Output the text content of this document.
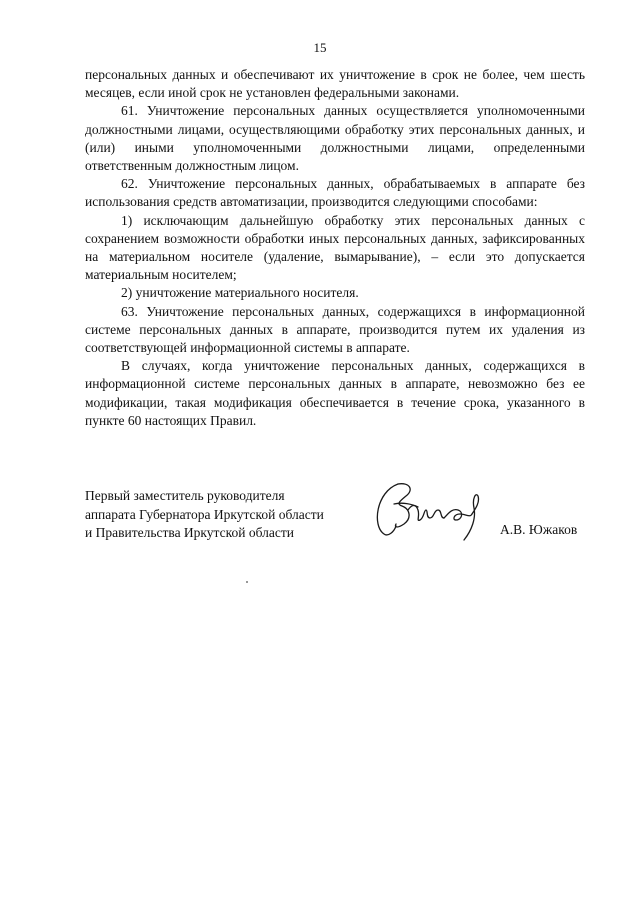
15

персональных данных и обеспечивают их уничтожение в срок не более, чем шесть месяцев, если иной срок не установлен федеральными законами.

61. Уничтожение персональных данных осуществляется уполномоченными должностными лицами, осуществляющими обработку этих персональных данных, и (или) иными уполномоченными должностными лицами, определенными ответственным должностным лицом.

62. Уничтожение персональных данных, обрабатываемых в аппарате без использования средств автоматизации, производится следующими способами:

1) исключающим дальнейшую обработку этих персональных данных с сохранением возможности обработки иных персональных данных, зафиксированных на материальном носителе (удаление, вымарывание), – если это допускается материальным носителем;

2) уничтожение материального носителя.

63. Уничтожение персональных данных, содержащихся в информационной системе персональных данных в аппарате, производится путем их удаления из соответствующей информационной системы в аппарате.

В случаях, когда уничтожение персональных данных, содержащихся в информационной системе персональных данных в аппарате, невозможно без ее модификации, такая модификация обеспечивается в течение срока, указанного в пункте 60 настоящих Правил.

Первый заместитель руководителя
аппарата Губернатора Иркутской области
и Правительства Иркутской области	А.В. Южаков
